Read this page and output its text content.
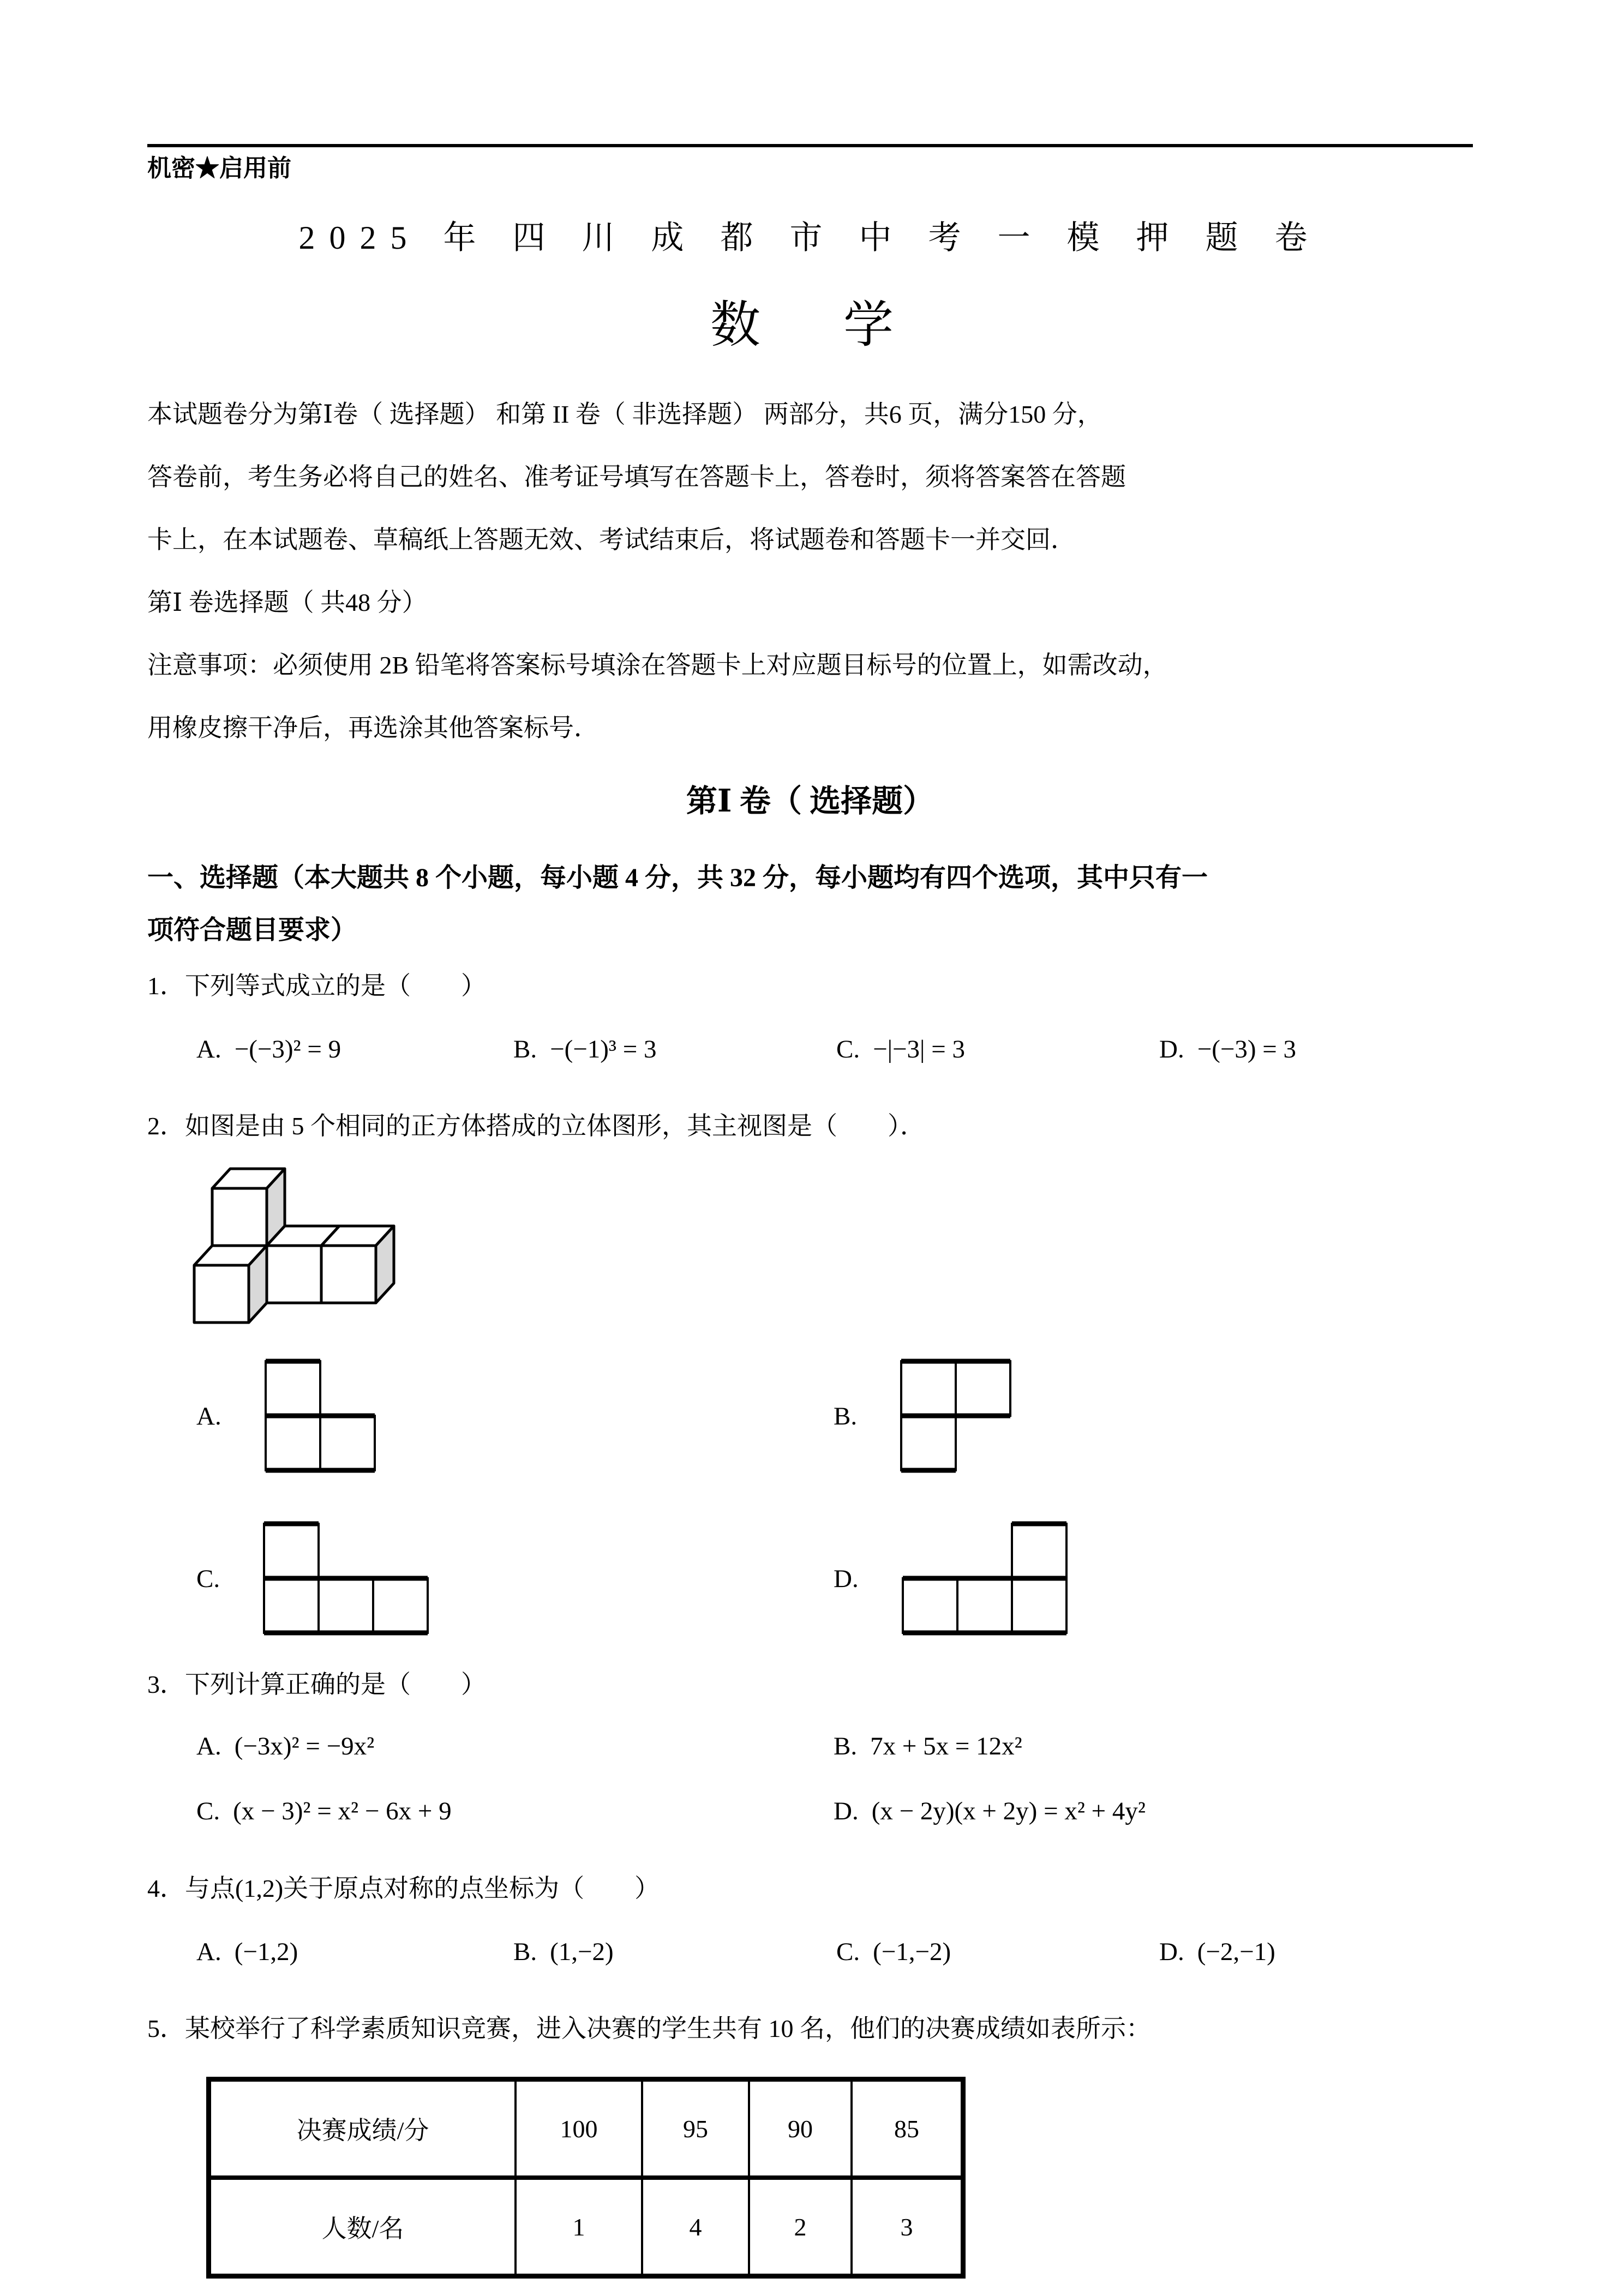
机密★启用前
2025 年 四 川 成 都 市 中 考 一 模 押 题 卷
数　学

本试题卷分为第Ⅰ卷（ 选择题） 和第 II 卷（ 非选择题） 两部分，共6 页，满分150 分，

答卷前，考生务必将自己的姓名、准考证号填写在答题卡上，答卷时，须将答案答在答题

卡上，在本试题卷、草稿纸上答题无效、考试结束后，将试题卷和答题卡一并交回．

第Ⅰ 卷选择题（ 共48 分）

注意事项：必须使用 2B 铅笔将答案标号填涂在答题卡上对应题目标号的位置上，如需改动，

用橡皮擦干净后，再选涂其他答案标号．

第Ⅰ 卷（ 选择题）

一、选择题（本大题共 8 个小题，每小题 4 分，共 32 分，每小题均有四个选项，其中只有一

项符合题目要求）

1．下列等式成立的是（　　）

A. −(−3)² = 9	B. −(−1)³ = 3	C. −|−3| = 3	D. −(−3) = 3

2．如图是由 5 个相同的正方体搭成的立体图形，其主视图是（　　）．

A.	B.
C.	D.

3．下列计算正确的是（　　）

A. (−3x)² = −9x²	B. 7x + 5x = 12x²
C. (x − 3)² = x² − 6x + 9	D. (x − 2y)(x + 2y) = x² + 4y²

4．与点(1,2)关于原点对称的点坐标为（　　）

A. (−1,2)	B. (1,−2)	C. (−1,−2)	D. (−2,−1)

5．某校举行了科学素质知识竞赛，进入决赛的学生共有 10 名，他们的决赛成绩如表所示：

决赛成绩/分	100	95	90	85
人数/名	1	4	2	3
